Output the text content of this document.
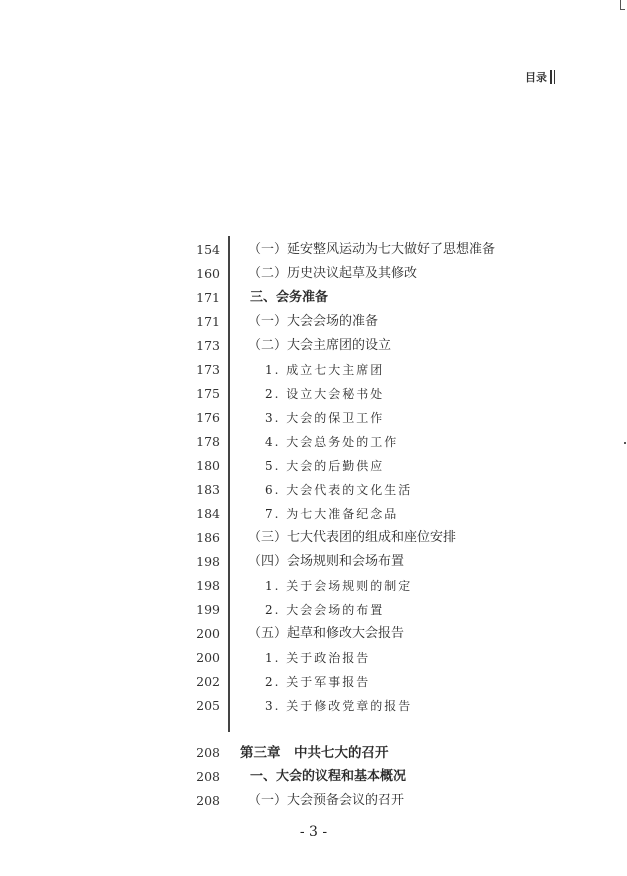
目录
154 （一）延安整风运动为七大做好了思想准备
160 （二）历史决议起草及其修改
171 三、会务准备
171 （一）大会会场的准备
173 （二）大会主席团的设立
173	1. 成立七大主席团
175	2. 设立大会秘书处
176	3. 大会的保卫工作
178	4. 大会总务处的工作
180	5. 大会的后勤供应
183	6. 大会代表的文化生活
184	7. 为七大准备纪念品
186 （三）七大代表团的组成和座位安排
198 （四）会场规则和会场布置
198	1. 关于会场规则的制定
199	2. 大会会场的布置
200 （五）起草和修改大会报告
200	1. 关于政治报告
202	2. 关于军事报告
205	3. 关于修改党章的报告
208 第三章　中共七大的召开
208 一、大会的议程和基本概况
208 （一）大会预备会议的召开
- 3 -
